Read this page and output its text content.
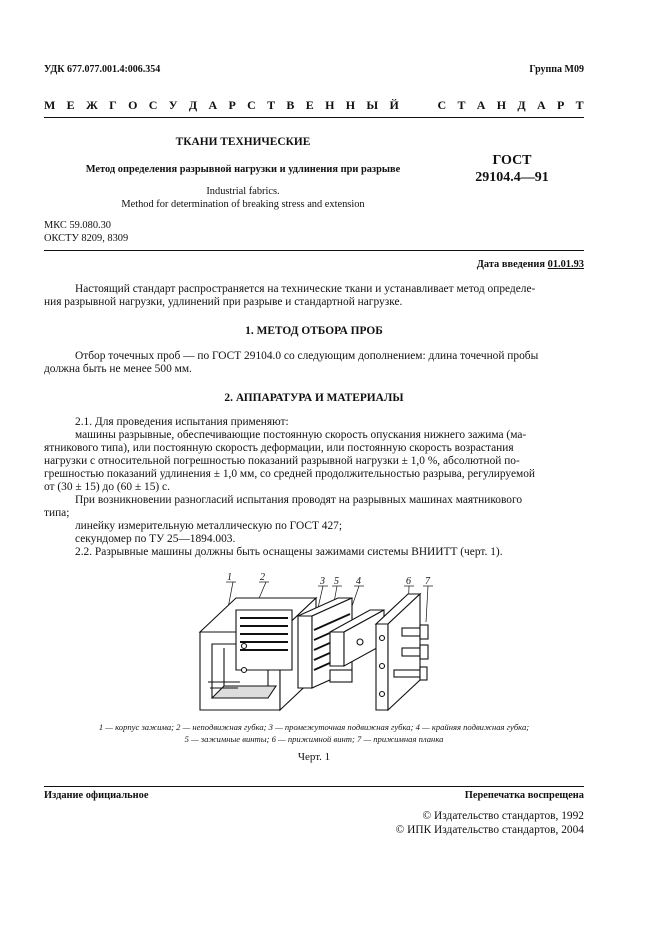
УДК 677.077.001.4:006.354	Группа М09
М Е Ж Г О С У Д А Р С Т В Е Н Н Ы Й	С Т А Н Д А Р Т
ТКАНИ ТЕХНИЧЕСКИЕ
Метод определения разрывной нагрузки и удлинения при разрыве
ГОСТ
29104.4—91
Industrial fabrics.
Method for determination of breaking stress and extension
МКС 59.080.30
ОКСТУ 8209, 8309
Дата введения 01.01.93
Настоящий стандарт распространяется на технические ткани и устанавливает метод определе-
ния разрывной нагрузки, удлинений при разрыве и стандартной нагрузке.
1. МЕТОД ОТБОРА ПРОБ
Отбор точечных проб — по ГОСТ 29104.0 со следующим дополнением: длина точечной пробы
должна быть не менее 500 мм.
2. АППАРАТУРА И МАТЕРИАЛЫ
2.1. Для проведения испытания применяют:
машины разрывные, обеспечивающие постоянную скорость опускания нижнего зажима (ма-
ятникового типа), или постоянную скорость деформации, или постоянную скорость возрастания
нагрузки с относительной погрешностью показаний разрывной нагрузки ± 1,0 %, абсолютной по-
грешностью показаний удлинения ± 1,0 мм, со средней продолжительностью разрыва, регулируемой
от (30 ± 15) до (60 ± 15) с.
При возникновении разногласий испытания проводят на разрывных машинах маятникового
типа;
линейку измерительную металлическую по ГОСТ 427;
секундомер по ТУ 25—1894.003.
2.2. Разрывные машины должны быть оснащены зажимами системы ВНИИТТ (черт. 1).
1	2	3 5 4	6 7
1 — корпус зажима; 2 — неподвижная губка; 3 — промежуточная подвижная губка; 4 — крайняя подвижная губка;
5 — зажимные винты; 6 — прижимной винт; 7 — прижимная планка
Черт. 1
Издание официальное	Перепечатка воспрещена
© Издательство стандартов, 1992
© ИПК Издательство стандартов, 2004
